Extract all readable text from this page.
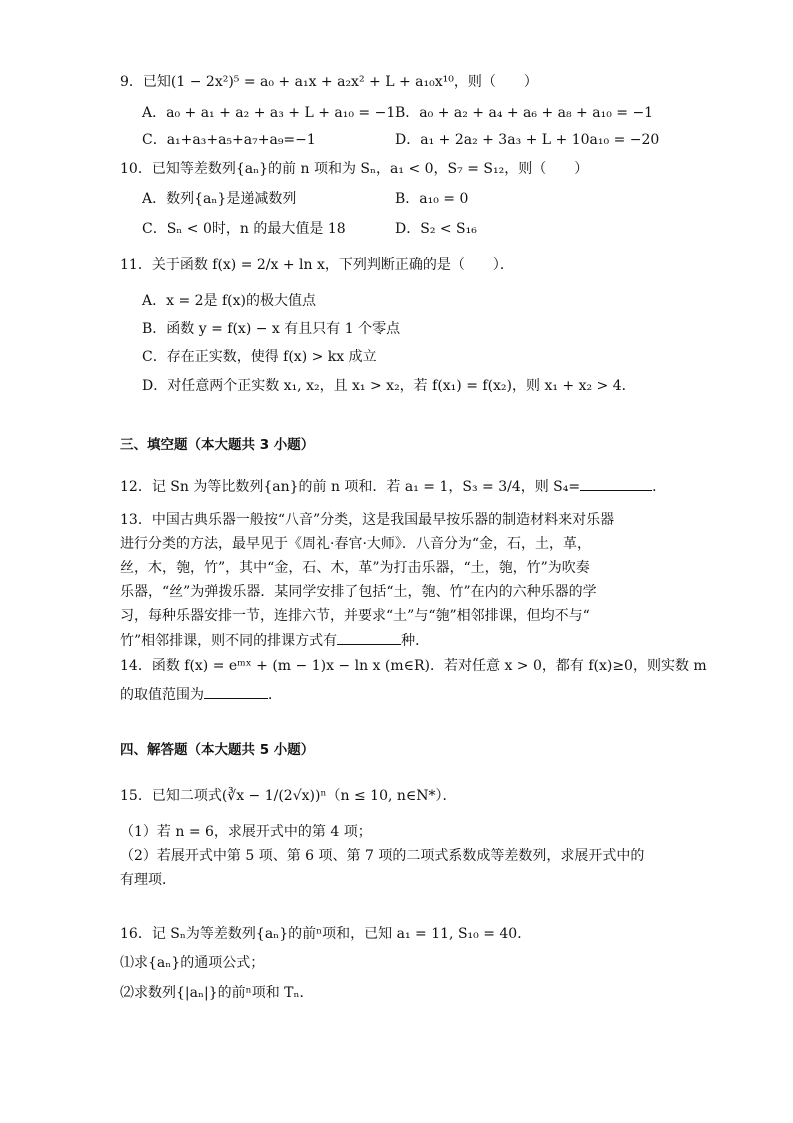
9．已知(1 − 2x²)⁵ = a₀ + a₁x + a₂x² + L + a₁₀x¹⁰，则（　　）
A．a₀ + a₁ + a₂ + a₃ + L + a₁₀ = −1 B．a₀ + a₂ + a₄ + a₆ + a₈ + a₁₀ = −1
C．a₁+a₃+a₅+a₇+a₉=−1	D．a₁ + 2a₂ + 3a₃ + L + 10a₁₀ = −20
10．已知等差数列{aₙ}的前 n 项和为 Sₙ，a₁ < 0，S₇ = S₁₂，则（　　）
A．数列{aₙ}是递减数列	B．a₁₀ = 0
C．Sₙ < 0时，n 的最大值是 18	D．S₂ < S₁₆
11．关于函数 f(x) = 2/x + ln x，下列判断正确的是（　　）．
A．x = 2是 f(x)的极大值点
B．函数 y = f(x) − x 有且只有 1 个零点
C．存在正实数，使得 f(x) > kx 成立
D．对任意两个正实数 x₁, x₂，且 x₁ > x₂，若 f(x₁) = f(x₂)，则 x₁ + x₂ > 4．
三、填空题（本大题共 3 小题）
12．记 Sn 为等比数列{an}的前 n 项和．若 a₁ = 1，S₃ = 3/4，则 S₄=	．
13．中国古典乐器一般按“八音”分类，这是我国最早按乐器的制造材料来对乐器
进行分类的方法，最早见于《周礼·春官·大师》．八音分为“金，石，土，革，
丝，木，匏，竹”，其中“金，石、木，革”为打击乐器，“土，匏，竹”为吹奏
乐器，“丝”为弹拨乐器．某同学安排了包括“土，匏、竹”在内的六种乐器的学
习，每种乐器安排一节，连排六节，并要求“土”与“匏”相邻排课，但均不与“
竹”相邻排课，则不同的排课方式有	种．
14．函数 f(x) = eᵐˣ + (m − 1)x − ln x (m∈R)．若对任意 x > 0，都有 f(x)≥0，则实数 m
的取值范围为	．
四、解答题（本大题共 5 小题）
15．已知二项式(∛x − 1/(2√x))ⁿ（n ≤ 10, n∈N*）．
（1）若 n = 6，求展开式中的第 4 项；
（2）若展开式中第 5 项、第 6 项、第 7 项的二项式系数成等差数列，求展开式中的
有理项．
16．记 Sₙ为等差数列{aₙ}的前ⁿ项和，已知 a₁ = 11, S₁₀ = 40．
⑴求{aₙ}的通项公式；
⑵求数列{|aₙ|}的前ⁿ项和 Tₙ．
